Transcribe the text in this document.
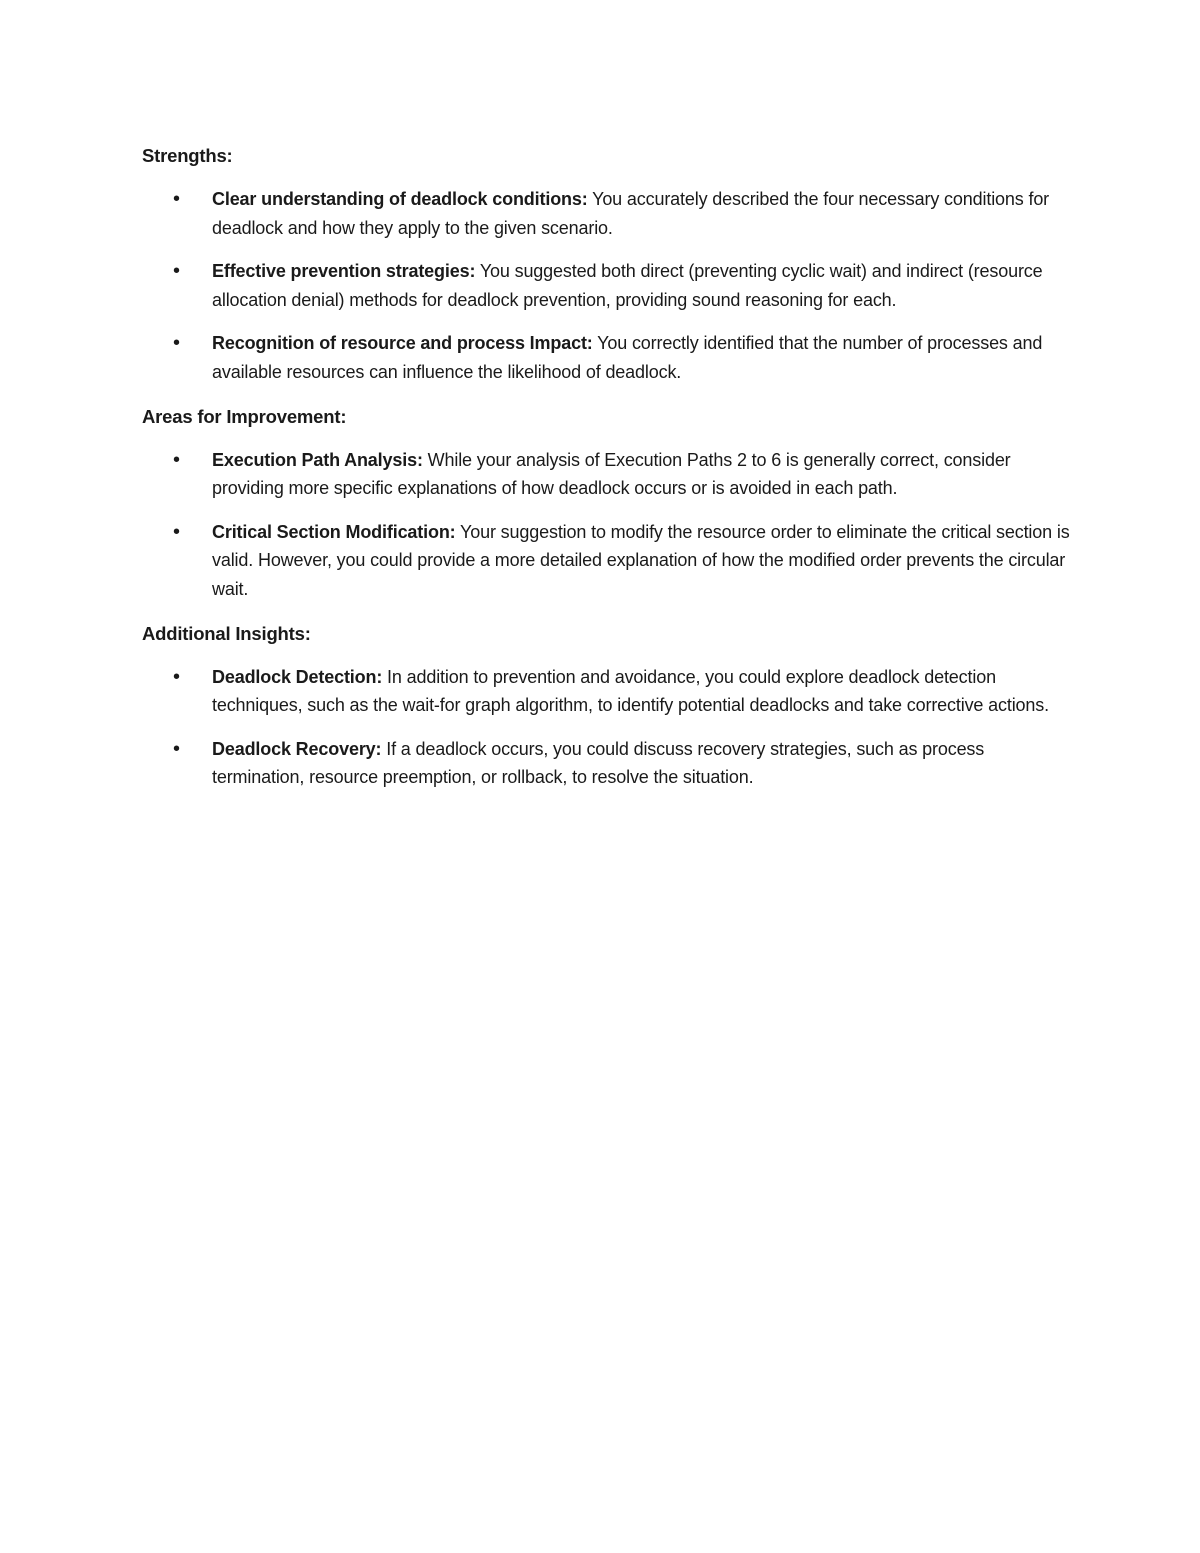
Strengths:

• Clear understanding of deadlock conditions: You accurately described the four necessary conditions for deadlock and how they apply to the given scenario.
• Effective prevention strategies: You suggested both direct (preventing cyclic wait) and indirect (resource allocation denial) methods for deadlock prevention, providing sound reasoning for each.
• Recognition of resource and process Impact: You correctly identified that the number of processes and available resources can influence the likelihood of deadlock.

Areas for Improvement:

• Execution Path Analysis: While your analysis of Execution Paths 2 to 6 is generally correct, consider providing more specific explanations of how deadlock occurs or is avoided in each path.
• Critical Section Modification: Your suggestion to modify the resource order to eliminate the critical section is valid. However, you could provide a more detailed explanation of how the modified order prevents the circular wait.

Additional Insights:

• Deadlock Detection: In addition to prevention and avoidance, you could explore deadlock detection techniques, such as the wait-for graph algorithm, to identify potential deadlocks and take corrective actions.
• Deadlock Recovery: If a deadlock occurs, you could discuss recovery strategies, such as process termination, resource preemption, or rollback, to resolve the situation.
